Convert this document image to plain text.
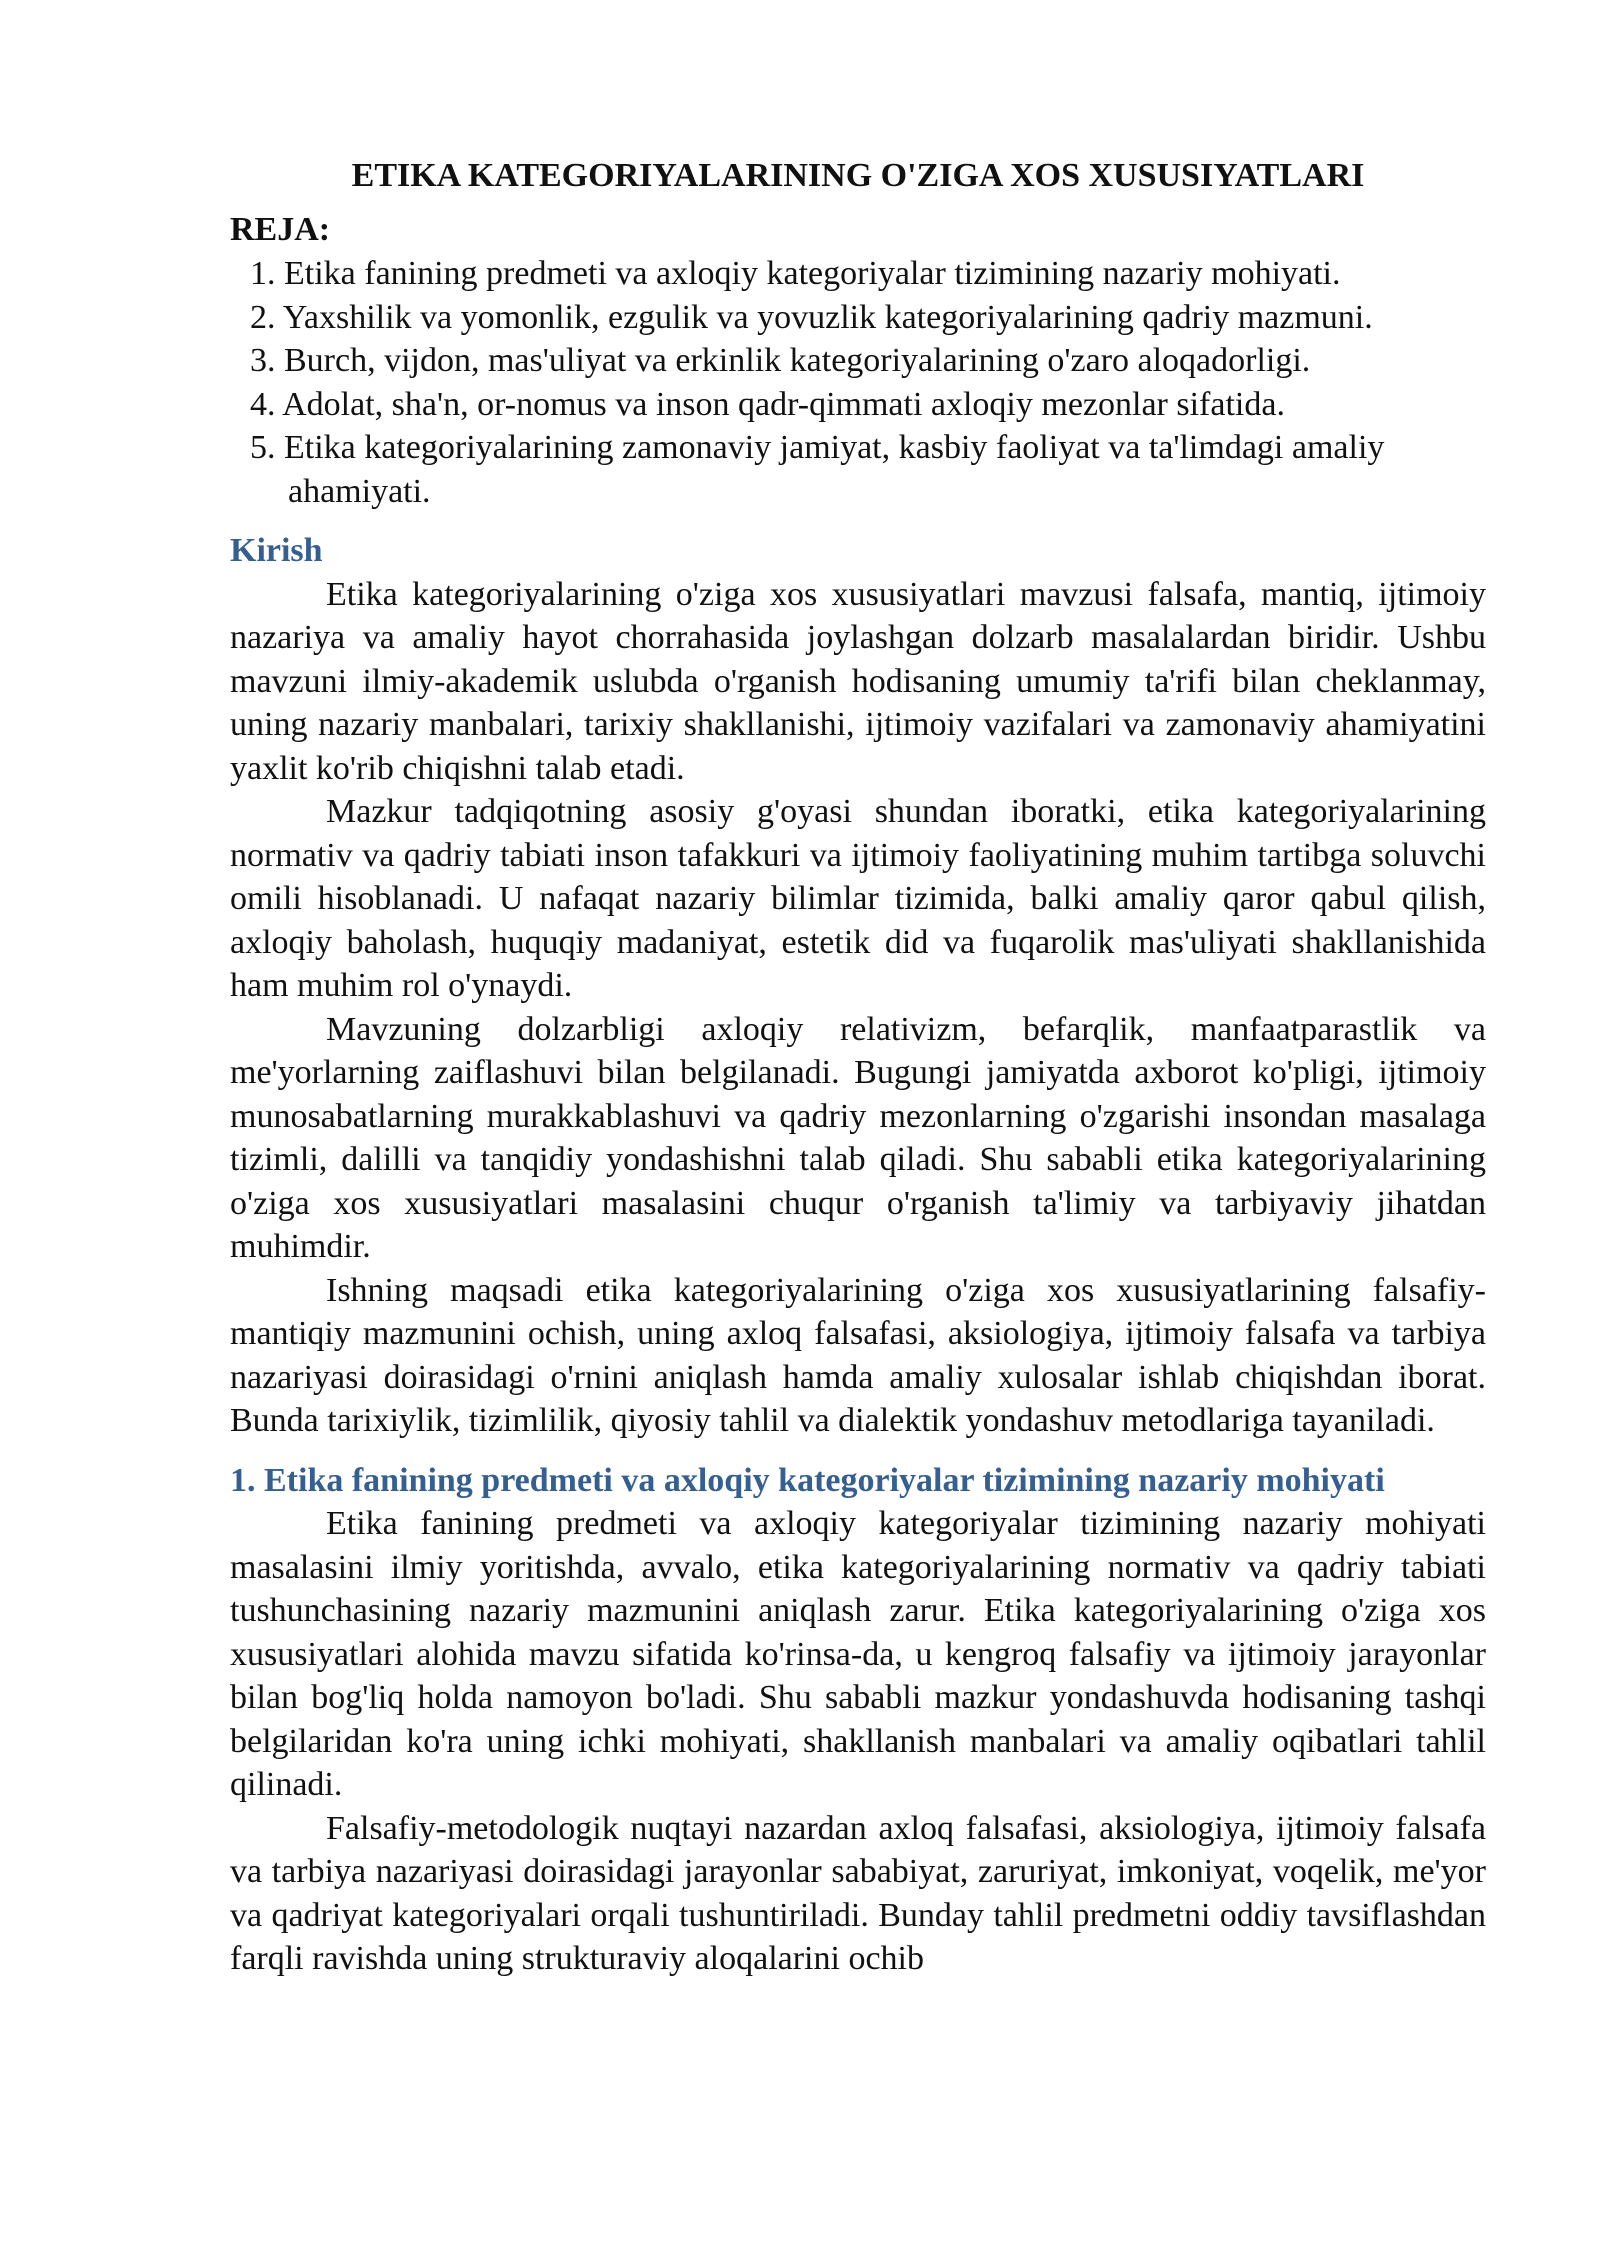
ETIKA KATEGORIYALARINING O'ZIGA XOS XUSUSIYATLARI
REJA:
1. Etika fanining predmeti va axloqiy kategoriyalar tizimining nazariy mohiyati.
2. Yaxshilik va yomonlik, ezgulik va yovuzlik kategoriyalarining qadriy mazmuni.
3. Burch, vijdon, mas'uliyat va erkinlik kategoriyalarining o'zaro aloqadorligi.
4. Adolat, sha'n, or-nomus va inson qadr-qimmati axloqiy mezonlar sifatida.
5. Etika kategoriyalarining zamonaviy jamiyat, kasbiy faoliyat va ta'limdagi amaliy ahamiyati.
Kirish

Etika kategoriyalarining o'ziga xos xususiyatlari mavzusi falsafa, mantiq, ijtimoiy nazariya va amaliy hayot chorrahasida joylashgan dolzarb masalalardan biridir. Ushbu mavzuni ilmiy-akademik uslubda o'rganish hodisaning umumiy ta'rifi bilan cheklanmay, uning nazariy manbalari, tarixiy shakllanishi, ijtimoiy vazifalari va zamonaviy ahamiyatini yaxlit ko'rib chiqishni talab etadi.

Mazkur tadqiqotning asosiy g'oyasi shundan iboratki, etika kategoriyalarining normativ va qadriy tabiati inson tafakkuri va ijtimoiy faoliyatining muhim tartibga soluvchi omili hisoblanadi. U nafaqat nazariy bilimlar tizimida, balki amaliy qaror qabul qilish, axloqiy baholash, huquqiy madaniyat, estetik did va fuqarolik mas'uliyati shakllanishida ham muhim rol o'ynaydi.

Mavzuning dolzarbligi axloqiy relativizm, befarqlik, manfaatparastlik va me'yorlarning zaiflashuvi bilan belgilanadi. Bugungi jamiyatda axborot ko'pligi, ijtimoiy munosabatlarning murakkablashuvi va qadriy mezonlarning o'zgarishi insondan masalaga tizimli, dalilli va tanqidiy yondashishni talab qiladi. Shu sababli etika kategoriyalarining o'ziga xos xususiyatlari masalasini chuqur o'rganish ta'limiy va tarbiyaviy jihatdan muhimdir.

Ishning maqsadi etika kategoriyalarining o'ziga xos xususiyatlarining falsafiy-mantiqiy mazmunini ochish, uning axloq falsafasi, aksiologiya, ijtimoiy falsafa va tarbiya nazariyasi doirasidagi o'rnini aniqlash hamda amaliy xulosalar ishlab chiqishdan iborat. Bunda tarixiylik, tizimlilik, qiyosiy tahlil va dialektik yondashuv metodlariga tayaniladi.

1. Etika fanining predmeti va axloqiy kategoriyalar tizimining nazariy mohiyati

Etika fanining predmeti va axloqiy kategoriyalar tizimining nazariy mohiyati masalasini ilmiy yoritishda, avvalo, etika kategoriyalarining normativ va qadriy tabiati tushunchasining nazariy mazmunini aniqlash zarur. Etika kategoriyalarining o'ziga xos xususiyatlari alohida mavzu sifatida ko'rinsa-da, u kengroq falsafiy va ijtimoiy jarayonlar bilan bog'liq holda namoyon bo'ladi. Shu sababli mazkur yondashuvda hodisaning tashqi belgilaridan ko'ra uning ichki mohiyati, shakllanish manbalari va amaliy oqibatlari tahlil qilinadi.

Falsafiy-metodologik nuqtayi nazardan axloq falsafasi, aksiologiya, ijtimoiy falsafa va tarbiya nazariyasi doirasidagi jarayonlar sababiyat, zaruriyat, imkoniyat, voqelik, me'yor va qadriyat kategoriyalari orqali tushuntiriladi. Bunday tahlil predmetni oddiy tavsiflashdan farqli ravishda uning strukturaviy aloqalarini ochib
